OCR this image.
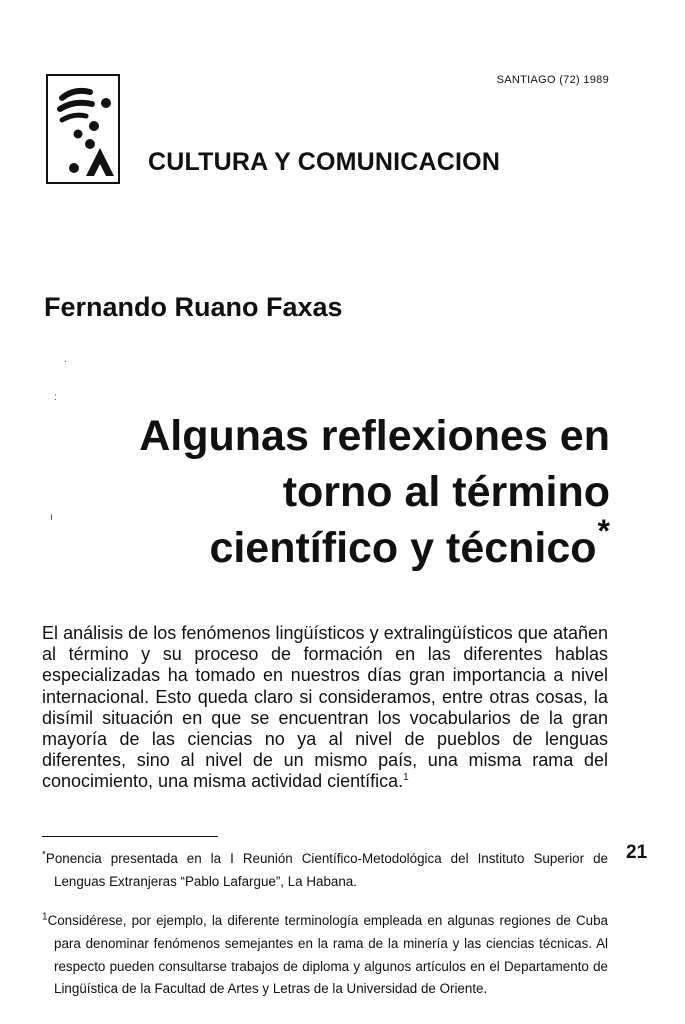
SANTIAGO (72) 1989
CULTURA Y COMUNICACION
Fernando Ruano Faxas
·
:
ı
Algunas reflexiones en
torno al término
científico y técnico*
El análisis de los fenómenos lingüísticos y extralingüísticos que atañen al término y su proceso de formación en las diferentes hablas especializadas ha tomado en nuestros días gran importancia a nivel internacional. Esto queda claro si consideramos, entre otras cosas, la disímil situación en que se encuentran los vocabularios de la gran mayoría de las ciencias no ya al nivel de pueblos de lenguas diferentes, sino al nivel de un mismo país, una misma rama del conocimiento, una misma actividad científica.$^1$
21
*Ponencia presentada en la I Reunión Científico-Metodológica del Instituto Superior de Lenguas Extranjeras “Pablo Lafargue”, La Habana.
$^1$Considérese, por ejemplo, la diferente terminología empleada en algunas regiones de Cuba para denominar fenómenos semejantes en la rama de la minería y las ciencias técnicas. Al respecto pueden consultarse trabajos de diploma y algunos artículos en el Departamento de Lingüística de la Facultad de Artes y Letras de la Universidad de Oriente.
